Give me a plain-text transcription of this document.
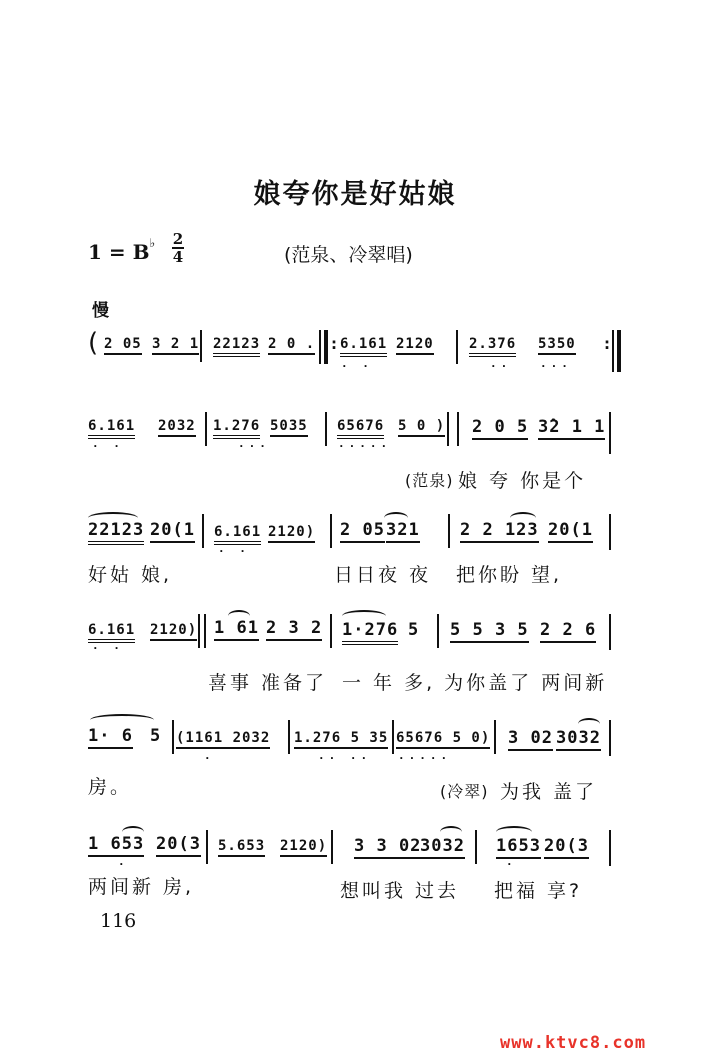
娘夸你是好姑娘
1 = B♭ 2
4	(范泉、冷翠唱)
慢
( 2 05 3 2 1 22123 2 0 . : 6.161 2120	2.376 5350 :
· ·	··	···
6.161 2032 1.276 5035 65676 5 0 ) 2 0 5 3̂2 1 1
· ·	···	·····
(范泉) 娘 夸 你是个
22123 20(1 6.161 2120) 2 05 321 2 2 123 20(1
· ·
好姑 娘,	日日夜 夜 把你盼 望,
6.161 2120) 1 61 2 3 2 1·276 5 5 5 3 5 2 2 6
· ·
喜事 准备了 一 年 多, 为你盖了 两间新
1· 6 5 (1161 2032 1.276 5 35 65676 5 0) 3 02 3032
·	·· ·· ·····
房。	(冷翠) 为我 盖了
1 653 20(3 5.653 2120) 3 3 02
3032 1653 20(3
·	·
两间新 房,	想叫我 过去 把福 享?
116
www.ktvc8.com
